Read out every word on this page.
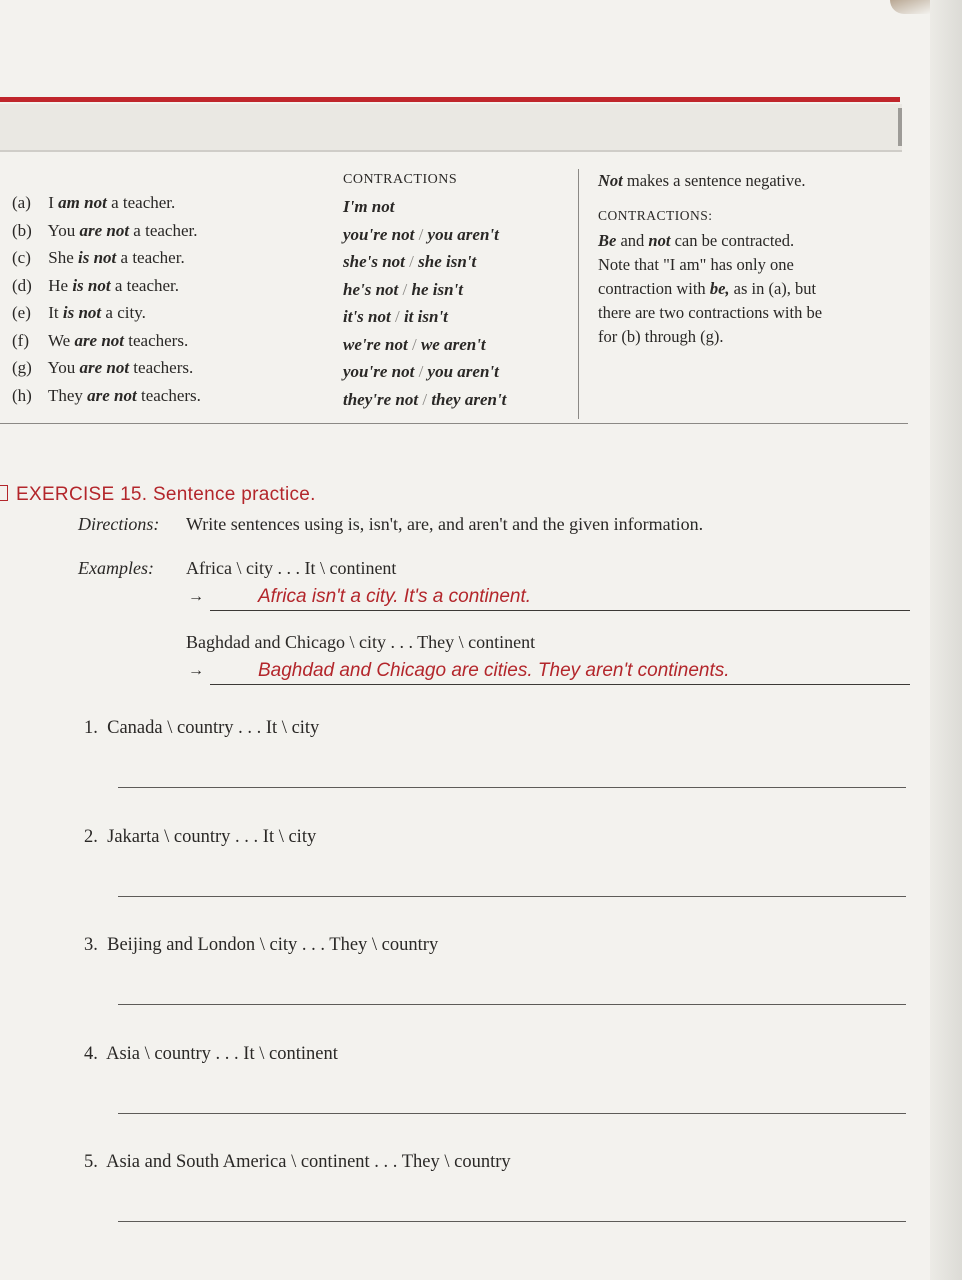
(a) I am not a teacher.
(b) You are not a teacher.
(c) She is not a teacher.
(d) He is not a teacher.
(e) It is not a city.
(f) We are not teachers.
(g) You are not teachers.
(h) They are not teachers.
CONTRACTIONS
I'm not
you're not / you aren't
she's not / she isn't
he's not / he isn't
it's not / it isn't
we're not / we aren't
you're not / you aren't
they're not / they aren't
Not makes a sentence negative.
CONTRACTIONS:
Be and not can be contracted.
Note that "I am" has only one
contraction with be, as in (a), but
there are two contractions with be
for (b) through (g).
EXERCISE 15. Sentence practice.
Directions: Write sentences using is, isn't, are, and aren't and the given information.
Examples: Africa \ city . . . It \ continent
→	Africa isn't a city. It's a continent.
Baghdad and Chicago \ city . . . They \ continent
→	Baghdad and Chicago are cities. They aren't continents.
1. Canada \ country . . . It \ city
2. Jakarta \ country . . . It \ city
3. Beijing and London \ city . . . They \ country
4. Asia \ country . . . It \ continent
5. Asia and South America \ continent . . . They \ country
